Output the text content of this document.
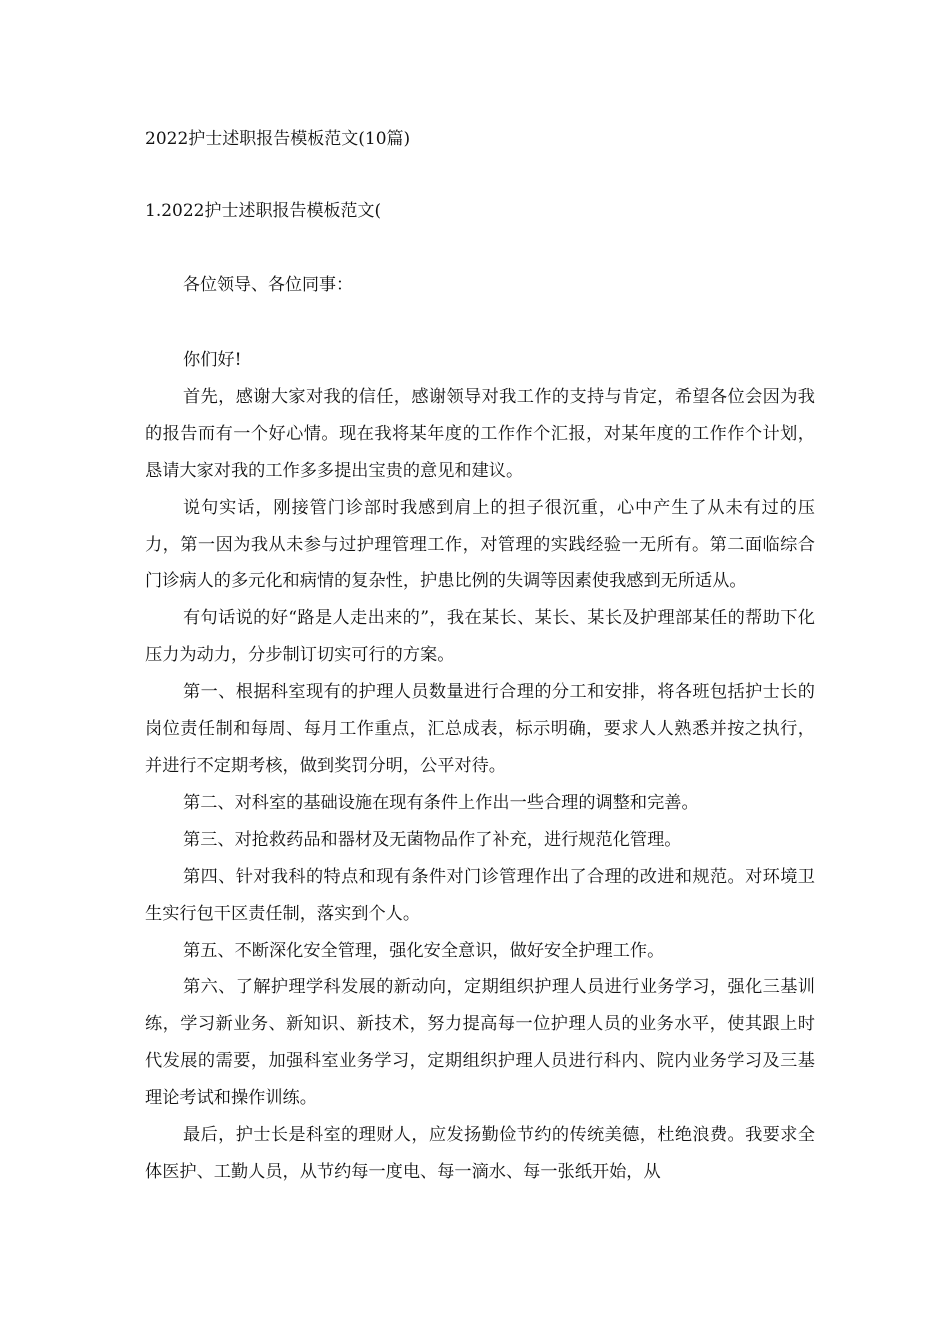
2022护士述职报告模板范文(10篇)
1.2022护士述职报告模板范文(
各位领导、各位同事：

你们好!

首先，感谢大家对我的信任，感谢领导对我工作的支持与肯定，希望各位会因为我的报告而有一个好心情。现在我将某年度的工作作个汇报，对某年度的工作作个计划，恳请大家对我的工作多多提出宝贵的意见和建议。

说句实话，刚接管门诊部时我感到肩上的担子很沉重，心中产生了从未有过的压力，第一因为我从未参与过护理管理工作，对管理的实践经验一无所有。第二面临综合门诊病人的多元化和病情的复杂性，护患比例的失调等因素使我感到无所适从。

有句话说的好“路是人走出来的”，我在某长、某长、某长及护理部某任的帮助下化压力为动力，分步制订切实可行的方案。

第一、根据科室现有的护理人员数量进行合理的分工和安排，将各班包括护士长的岗位责任制和每周、每月工作重点，汇总成表，标示明确，要求人人熟悉并按之执行，并进行不定期考核，做到奖罚分明，公平对待。

第二、对科室的基础设施在现有条件上作出一些合理的调整和完善。

第三、对抢救药品和器材及无菌物品作了补充，进行规范化管理。

第四、针对我科的特点和现有条件对门诊管理作出了合理的改进和规范。对环境卫生实行包干区责任制，落实到个人。

第五、不断深化安全管理，强化安全意识，做好安全护理工作。

第六、了解护理学科发展的新动向，定期组织护理人员进行业务学习，强化三基训练，学习新业务、新知识、新技术，努力提高每一位护理人员的业务水平，使其跟上时代发展的需要，加强科室业务学习，定期组织护理人员进行科内、院内业务学习及三基理论考试和操作训练。

最后，护士长是科室的理财人，应发扬勤俭节约的传统美德，杜绝浪费。我要求全体医护、工勤人员，从节约每一度电、每一滴水、每一张纸开始，从
